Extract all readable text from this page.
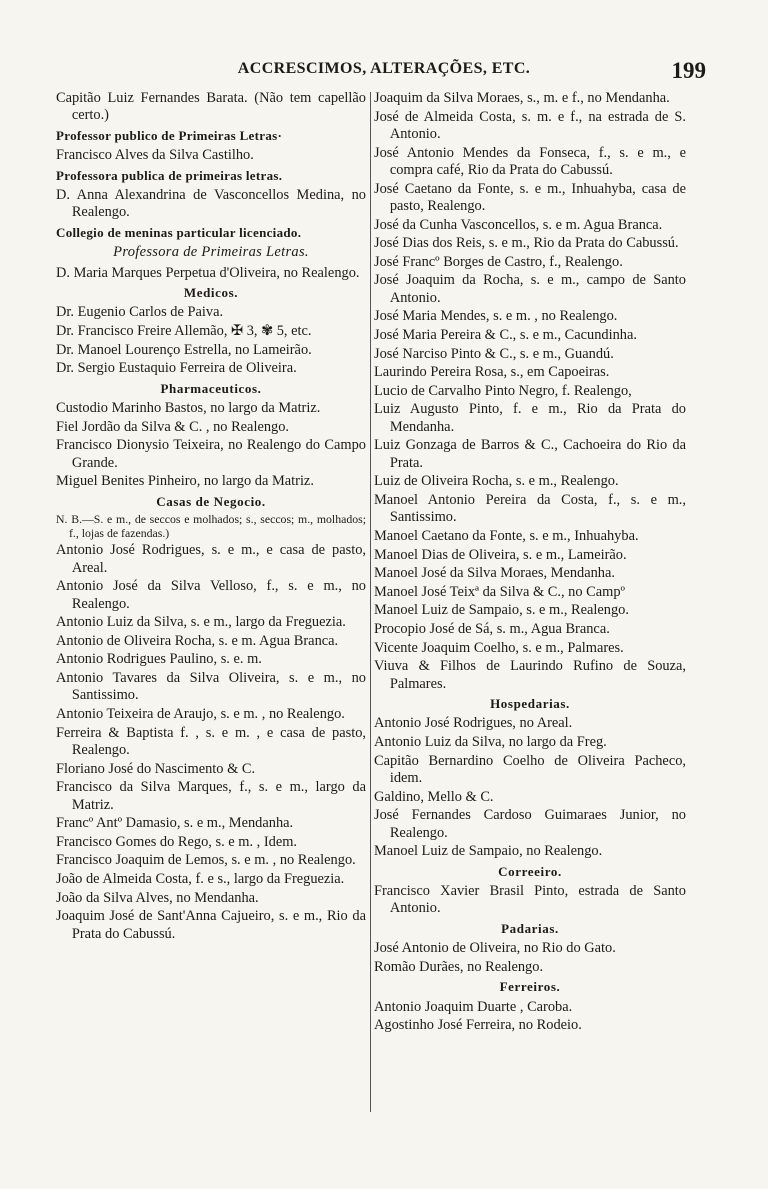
ACCRESCIMOS, ALTERAÇÕES, ETC.	199
Capitão Luiz Fernandes Barata. (Não tem capellão certo.)
Professor publico de Primeiras Letras·
Francisco Alves da Silva Castilho.
Professora publica de primeiras letras.
D. Anna Alexandrina de Vasconcellos Medina, no Realengo.
Collegio de meninas particular licenciado.
Professora de Primeiras Letras.
D. Maria Marques Perpetua d'Oliveira, no Realengo.
Medicos.
Dr. Eugenio Carlos de Paiva.
Dr. Francisco Freire Allemão, ✠ 3, ✾ 5, etc.
Dr. Manoel Lourenço Estrella, no Lameirão.
Dr. Sergio Eustaquio Ferreira de Oliveira.
Pharmaceuticos.
Custodio Marinho Bastos, no largo da Matriz.
Fiel Jordão da Silva & C. , no Realengo.
Francisco Dionysio Teixeira, no Realengo do Campo Grande.
Miguel Benites Pinheiro, no largo da Matriz.
Casas de Negocio.
N. B.—S. e m., de seccos e molhados; s., seccos; m., molhados; f., lojas de fazendas.)
Antonio José Rodrigues, s. e m., e casa de pasto, Areal.
Antonio José da Silva Velloso, f., s. e m., no Realengo.
Antonio Luiz da Silva, s. e m., largo da Freguezia.
Antonio de Oliveira Rocha, s. e m. Agua Branca.
Antonio Rodrigues Paulino, s. e. m.
Antonio Tavares da Silva Oliveira, s. e m., no Santissimo.
Antonio Teixeira de Araujo, s. e m. , no Realengo.
Ferreira & Baptista f. , s. e m. , e casa de pasto, Realengo.
Floriano José do Nascimento & C.
Francisco da Silva Marques, f., s. e m., largo da Matriz.
Francº Antº Damasio, s. e m., Mendanha.
Francisco Gomes do Rego, s. e m. , Idem.
Francisco Joaquim de Lemos, s. e m. , no Realengo.
João de Almeida Costa, f. e s., largo da Freguezia.
João da Silva Alves, no Mendanha.
Joaquim José de Sant'Anna Cajueiro, s. e m., Rio da Prata do Cabussú.
Joaquim da Silva Moraes, s., m. e f., no Mendanha.
José de Almeida Costa, s. m. e f., na estrada de S. Antonio.
José Antonio Mendes da Fonseca, f., s. e m., e compra café, Rio da Prata do Cabussú.
José Caetano da Fonte, s. e m., Inhuahyba, casa de pasto, Realengo.
José da Cunha Vasconcellos, s. e m. Agua Branca.
José Dias dos Reis, s. e m., Rio da Prata do Cabussú.
José Francº Borges de Castro, f., Realengo.
José Joaquim da Rocha, s. e m., campo de Santo Antonio.
José Maria Mendes, s. e m. , no Realengo.
José Maria Pereira & C., s. e m., Cacundinha.
José Narciso Pinto & C., s. e m., Guandú.
Laurindo Pereira Rosa, s., em Capoeiras.
Lucio de Carvalho Pinto Negro, f. Realengo,
Luiz Augusto Pinto, f. e m., Rio da Prata do Mendanha.
Luiz Gonzaga de Barros & C., Cachoeira do Rio da Prata.
Luiz de Oliveira Rocha, s. e m., Realengo.
Manoel Antonio Pereira da Costa, f., s. e m., Santissimo.
Manoel Caetano da Fonte, s. e m., Inhuahyba.
Manoel Dias de Oliveira, s. e m., Lameirão.
Manoel José da Silva Moraes, Mendanha.
Manoel José Teixª da Silva & C., no Campº
Manoel Luiz de Sampaio, s. e m., Realengo.
Procopio José de Sá, s. m., Agua Branca.
Vicente Joaquim Coelho, s. e m., Palmares.
Viuva & Filhos de Laurindo Rufino de Souza, Palmares.
Hospedarias.
Antonio José Rodrigues, no Areal.
Antonio Luiz da Silva, no largo da Freg.
Capitão Bernardino Coelho de Oliveira Pacheco, idem.
Galdino, Mello & C.
José Fernandes Cardoso Guimaraes Junior, no Realengo.
Manoel Luiz de Sampaio, no Realengo.
Correeiro.
Francisco Xavier Brasil Pinto, estrada de Santo Antonio.
Padarias.
José Antonio de Oliveira, no Rio do Gato.
Romão Durães, no Realengo.
Ferreiros.
Antonio Joaquim Duarte , Caroba.
Agostinho José Ferreira, no Rodeio.
